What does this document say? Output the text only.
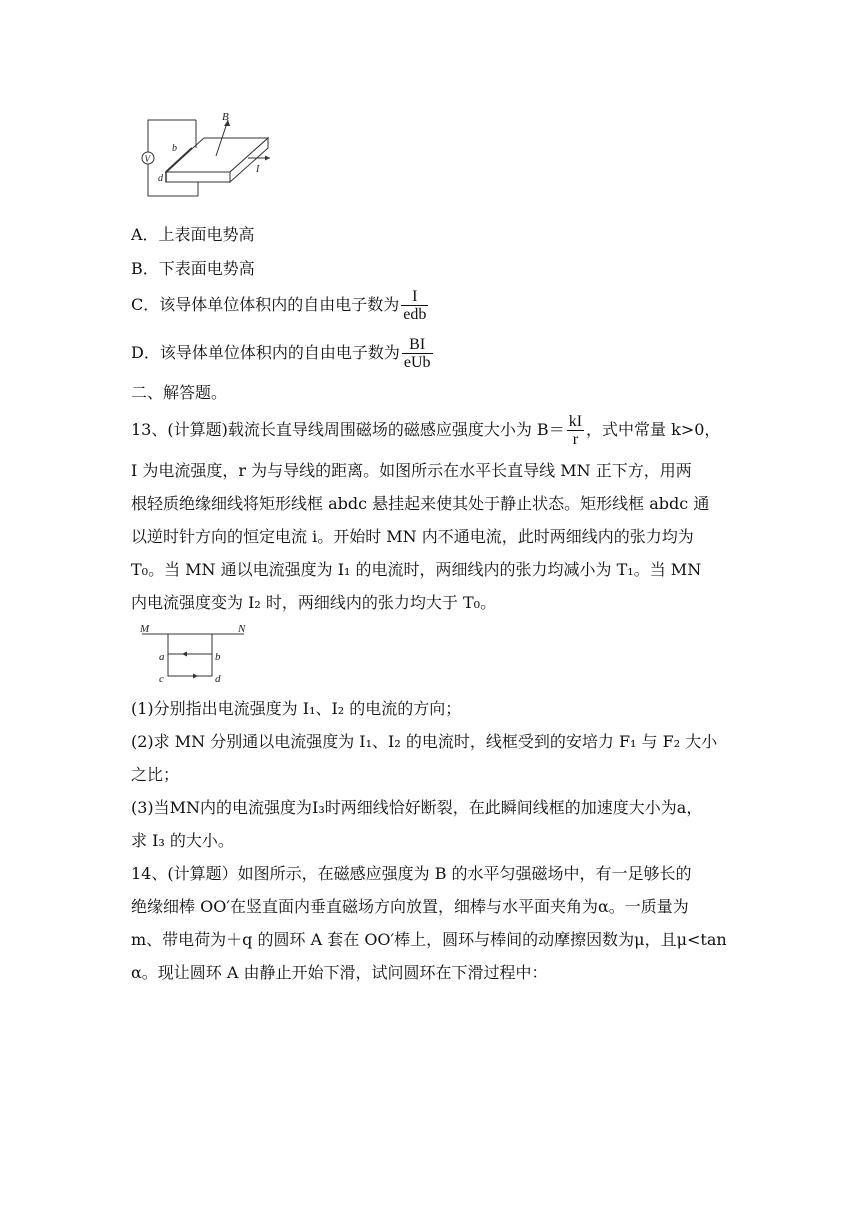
V
B
b
d
I
A．上表面电势高
B．下表面电势高
C．该导体单位体积内的自由电子数为 $\frac{I}{\text{edb}}$
D．该导体单位体积内的自由电子数为 $\frac{BI}{\text{eUb}}$
二、解答题。
13、(计算题)载流长直导线周围磁场的磁感应强度大小为 $B= \frac{kI}{r}$ ，式中常量 k>0，
I 为电流强度，r 为与导线的距离。如图所示在水平长直导线 MN 正下方，用两
根轻质绝缘细线将矩形线框 abdc 悬挂起来使其处于静止状态。矩形线框 abdc 通
以逆时针方向的恒定电流 i。开始时 MN 内不通电流，此时两细线内的张力均为
T₀。当 MN 通以电流强度为 I₁ 的电流时，两细线内的张力均减小为 T₁。当 MN
内电流强度变为 I₂ 时，两细线内的张力均大于 T₀。
M	N
a	b
c	d
(1)分别指出电流强度为 I₁、I₂ 的电流的方向；
(2)求 MN 分别通以电流强度为 I₁、I₂ 的电流时，线框受到的安培力 F₁ 与 F₂ 大小
之比；
(3)当MN内的电流强度为I₃时两细线恰好断裂，在此瞬间线框的加速度大小为a，
求 I₃ 的大小。
14、(计算题）如图所示，在磁感应强度为 B 的水平匀强磁场中，有一足够长的
绝缘细棒 OO′在竖直面内垂直磁场方向放置，细棒与水平面夹角为α。一质量为
m、带电荷为＋q 的圆环 A 套在 OO′棒上，圆环与棒间的动摩擦因数为μ，且μ<tan
α。现让圆环 A 由静止开始下滑，试问圆环在下滑过程中：
